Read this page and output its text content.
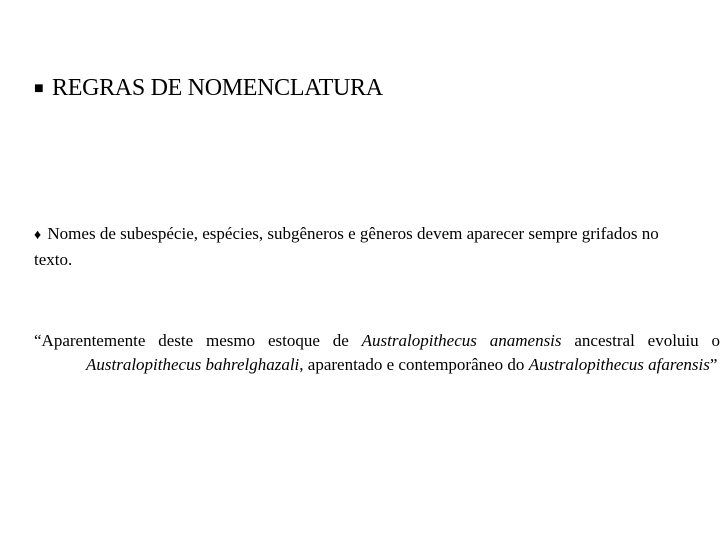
■ REGRAS DE NOMENCLATURA
♦ Nomes de subespécie, espécies, subgêneros e gêneros devem aparecer sempre grifados no texto.
“Aparentemente deste mesmo estoque de Australopithecus anamensis ancestral evoluiu o Australopithecus bahrelghazali, aparentado e contemporâneo do Australopithecus afarensis”
